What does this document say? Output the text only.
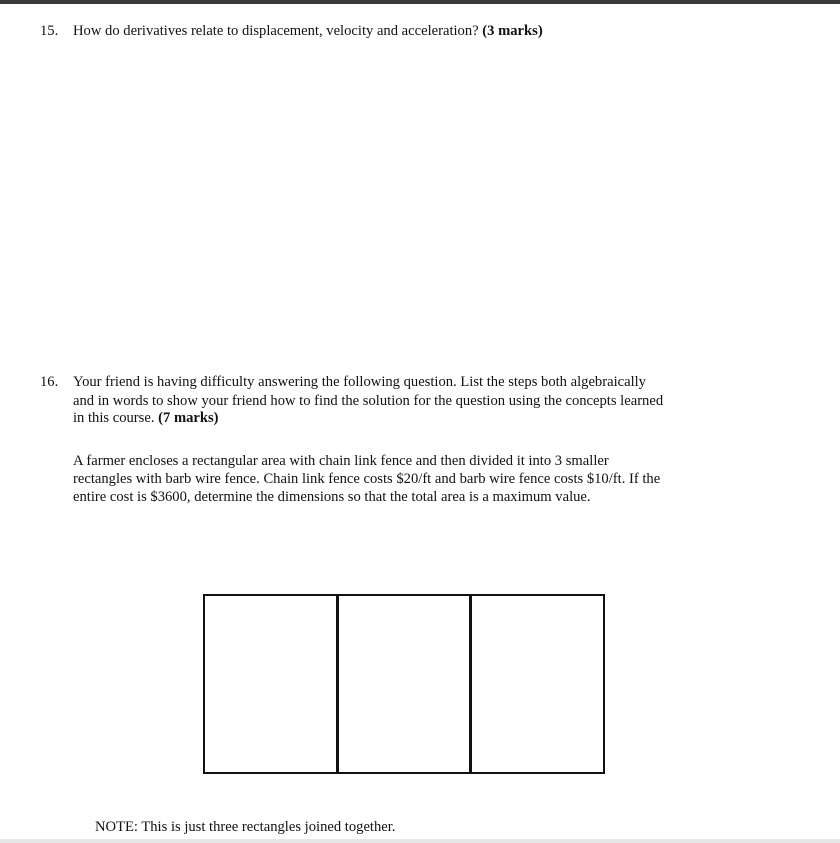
15. How do derivatives relate to displacement, velocity and acceleration? (3 marks)
16. Your friend is having difficulty answering the following question. List the steps both algebraically
and in words to show your friend how to find the solution for the question using the concepts learned
in this course. (7 marks)
A farmer encloses a rectangular area with chain link fence and then divided it into 3 smaller
rectangles with barb wire fence. Chain link fence costs $20/ft and barb wire fence costs $10/ft. If the
entire cost is $3600, determine the dimensions so that the total area is a maximum value.
NOTE: This is just three rectangles joined together.
